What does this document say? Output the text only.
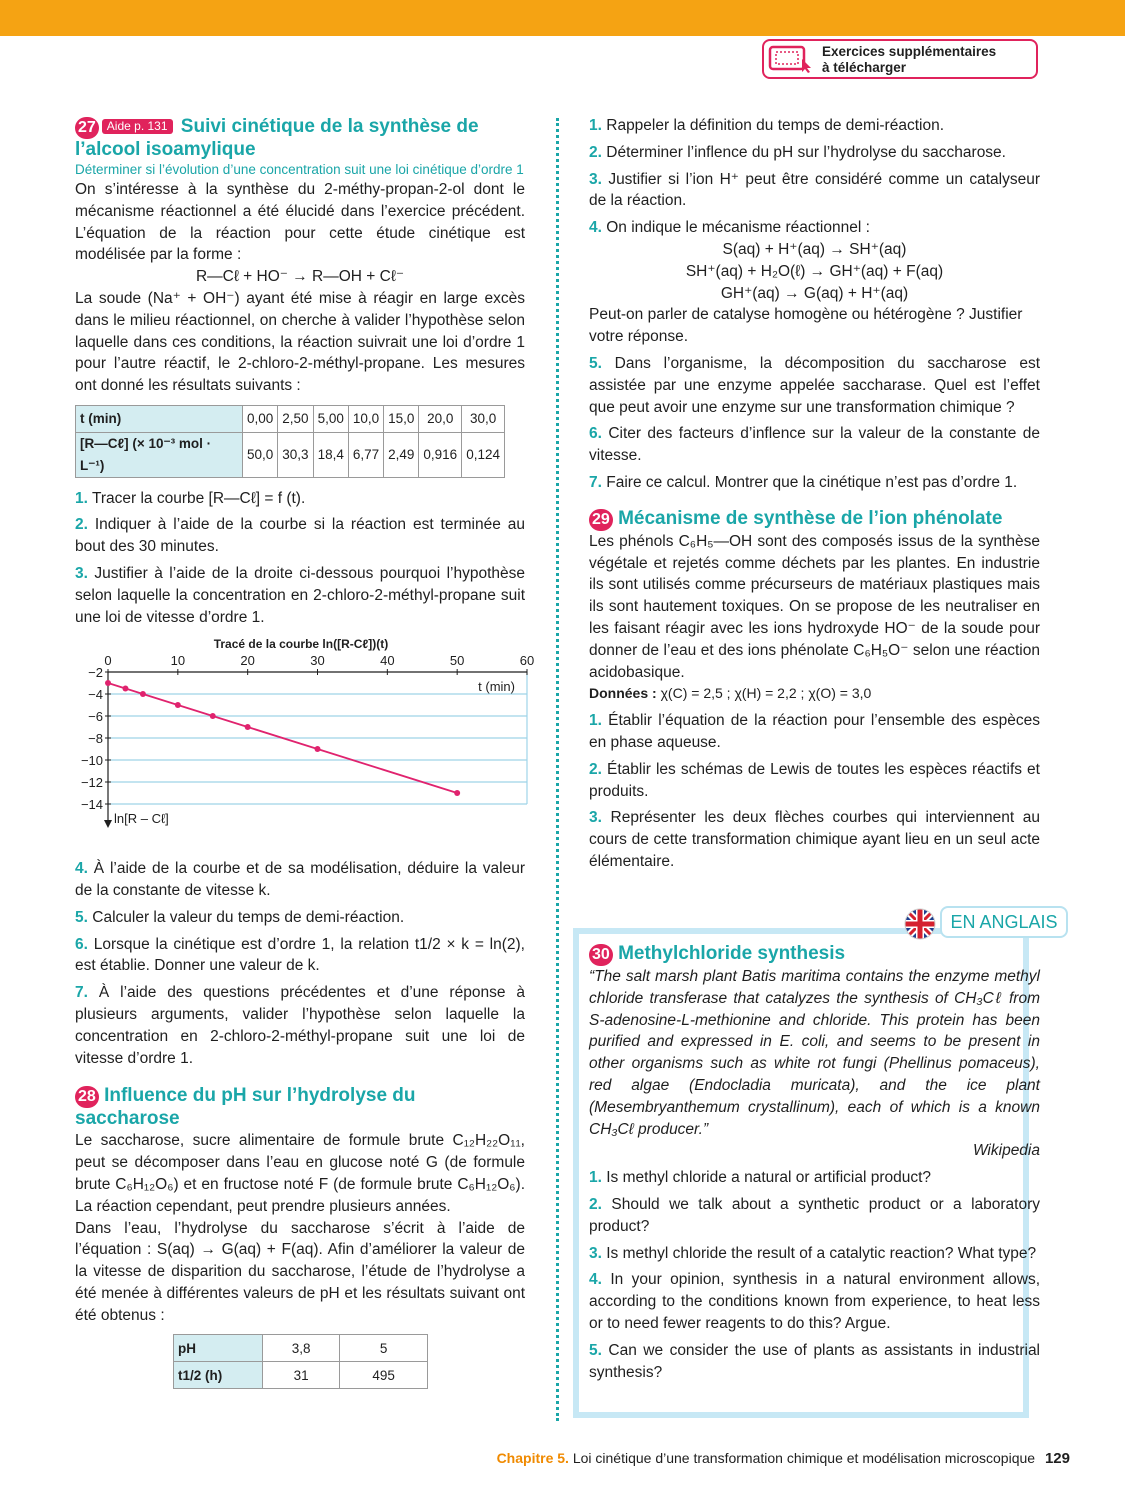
Exercices supplémentaires
à télécharger
27 Aide p. 131 Suivi cinétique de la synthèse de l’alcool isoamylique
Déterminer si l’évolution d’une concentration suit une loi cinétique d’ordre 1

On s’intéresse à la synthèse du 2-méthy-propan-2-ol dont le mécanisme réactionnel a été élucidé dans l’exercice précédent. L’équation de la réaction pour cette étude cinétique est modélisée par la forme :

R—Cℓ + HO⁻ → R—OH + Cℓ⁻

La soude (Na⁺ + OH⁻) ayant été mise à réagir en large excès dans le milieu réactionnel, on cherche à valider l’hypothèse selon laquelle dans ces conditions, la réaction suivrait une loi d’ordre 1 pour l’autre réactif, le 2-chloro-2-méthyl-propane. Les mesures ont donné les résultats suivants :

t (min)	0,00	2,50	5,00	10,0	15,0	20,0	30,0
[R—Cℓ] (× 10⁻³ mol · L⁻¹)	50,0	30,3	18,4	6,77	2,49	0,916	0,124

1. Tracer la courbe [R—Cℓ] = f (t).

2. Indiquer à l’aide de la courbe si la réaction est terminée au bout des 30 minutes.

3. Justifier à l’aide de la droite ci-dessous pourquoi l’hypothèse selon laquelle la concentration en 2-chloro-2-méthyl-propane suit une loi de vitesse d’ordre 1.

Tracé de la courbe ln([R-Cℓ])(t)
0	10	20	30	40	50	60
−2
−4
−6
−8
−10
−12
−14
t (min)
ln[R – Cℓ]

4. À l’aide de la courbe et de sa modélisation, déduire la valeur de la constante de vitesse k.

5. Calculer la valeur du temps de demi-réaction.

6. Lorsque la cinétique est d’ordre 1, la relation t1/2 × k = ln(2), est établie. Donner une valeur de k.

7. À l’aide des questions précédentes et d’une réponse à plusieurs arguments, valider l’hypothèse selon laquelle la concentration en 2-chloro-2-méthyl-propane suit une loi de vitesse d’ordre 1.

28 Influence du pH sur l’hydrolyse du saccharose

Le saccharose, sucre alimentaire de formule brute C₁₂H₂₂O₁₁, peut se décomposer dans l’eau en glucose noté G (de formule brute C₆H₁₂O₆) et en fructose noté F (de formule brute C₆H₁₂O₆). La réaction cependant, peut prendre plusieurs années.

Dans l’eau, l’hydrolyse du saccharose s’écrit à l’aide de l’équation : S(aq) → G(aq) + F(aq). Afin d’améliorer la valeur de la vitesse de disparition du saccharose, l’étude de l’hydrolyse a été menée à différentes valeurs de pH et les résultats suivant ont été obtenus :

pH	3,8	5
t1/2 (h)	31	495

1. Rappeler la définition du temps de demi-réaction.

2. Déterminer l’inflence du pH sur l’hydrolyse du saccharose.

3. Justifier si l’ion H⁺ peut être considéré comme un catalyseur de la réaction.

4. On indique le mécanisme réactionnel :

S(aq) + H⁺(aq) → SH⁺(aq)

SH⁺(aq) + H₂O(ℓ) → GH⁺(aq) + F(aq)

GH⁺(aq) → G(aq) + H⁺(aq)

Peut-on parler de catalyse homogène ou hétérogène ? Justifier votre réponse.

5. Dans l’organisme, la décomposition du saccharose est assistée par une enzyme appelée saccharase. Quel est l’effet que peut avoir une enzyme sur une transformation chimique ?

6. Citer des facteurs d’inflence sur la valeur de la constante de vitesse.

7. Faire ce calcul. Montrer que la cinétique n’est pas d’ordre 1.

29 Mécanisme de synthèse de l’ion phénolate

Les phénols C₆H₅—OH sont des composés issus de la synthèse végétale et rejetés comme déchets par les plantes. En industrie ils sont utilisés comme précurseurs de matériaux plastiques mais ils sont hautement toxiques. On se propose de les neutraliser en les faisant réagir avec les ions hydroxyde HO⁻ de la soude pour donner de l’eau et des ions phénolate C₆H₅O⁻ selon une réaction acidobasique.

Données : χ(C) = 2,5 ; χ(H) = 2,2 ; χ(O) = 3,0

1. Établir l’équation de la réaction pour l’ensemble des espèces en phase aqueuse.

2. Établir les schémas de Lewis de toutes les espèces réactifs et produits.

3. Représenter les deux flèches courbes qui interviennent au cours de cette transformation chimique ayant lieu en un seul acte élémentaire.

EN ANGLAIS
30 Methylchloride synthesis

“The salt marsh plant Batis maritima contains the enzyme methyl chloride transferase that catalyzes the synthesis of CH₃Cℓ from S-adenosine-L-methionine and chloride. This protein has been purified and expressed in E. coli, and seems to be present in other organisms such as white rot fungi (Phellinus pomaceus), red algae (Endocladia muricata), and the ice plant (Mesembryanthemum crystallinum), each of which is a known CH₃Cℓ producer.”

Wikipedia

1. Is methyl chloride a natural or artificial product?

2. Should we talk about a synthetic product or a laboratory product?

3. Is methyl chloride the result of a catalytic reaction? What type?

4. In your opinion, synthesis in a natural environment allows, according to the conditions known from experience, to heat less or to need fewer reagents to do this? Argue.

5. Can we consider the use of plants as assistants in industrial synthesis?

Chapitre 5. Loi cinétique d’une transformation chimique et modélisation microscopique 129
